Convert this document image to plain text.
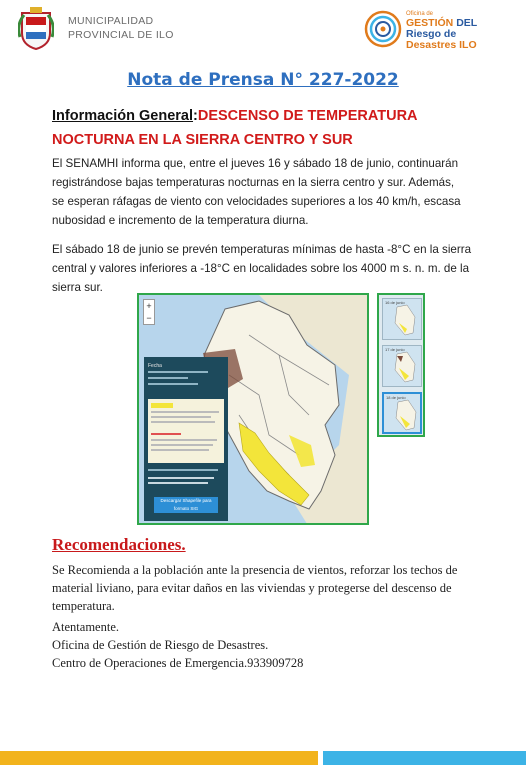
MUNICIPALIDAD
PROVINCIAL DE ILO
Oficina de
GESTIÓN DEL
Riesgo de
Desastres ILO
Nota de Prensa N° 227-2022
Información General:DESCENSO DE TEMPERATURA
NOCTURNA EN LA SIERRA CENTRO Y SUR
El SENAMHI informa que, entre el jueves 16 y sábado 18 de junio, continuarán
registrándose bajas temperaturas nocturnas en la sierra centro y sur. Además,
se esperan ráfagas de viento con velocidades superiores a los 40 km/h, escasa
nubosidad e incremento de la temperatura diurna.
El sábado 18 de junio se prevén temperaturas mínimas de hasta -8°C en la sierra
central y valores inferiores a -18°C en localidades sobre los 4000 m s. n. m. de la
sierra sur.
+
−
Fecha
Descargar Shapefile para formato SIG
16 de junio
17 de junio
18 de junio
Recomendaciones.
Se Recomienda a la población ante la presencia de vientos, reforzar los techos de
material liviano, para evitar daños en las viviendas y protegerse del descenso de
temperatura.
Atentamente.
Oficina de Gestión de Riesgo de Desastres.
Centro de Operaciones de Emergencia.933909728
